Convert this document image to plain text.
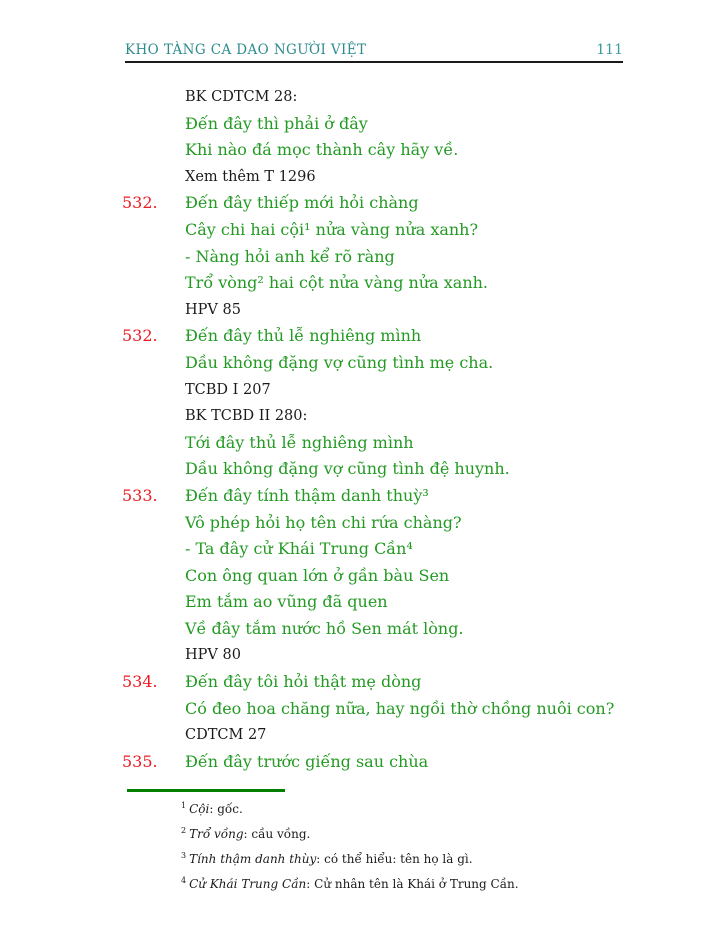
KHO TÀNG CA DAO NGƯỜI VIỆT	111
BK CDTCM 28:
Đến đây thì phải ở đây
Khi nào đá mọc thành cây hãy về.
Xem thêm T 1296
532. Đến đây thiếp mới hỏi chàng
Cây chi hai cội¹ nửa vàng nửa xanh?
- Nàng hỏi anh kể rõ ràng
Trổ vòng² hai cột nửa vàng nửa xanh.
HPV 85
532. Đến đây thủ lễ nghiêng mình
Dầu không đặng vợ cũng tình mẹ cha.
TCBD I 207
BK TCBD II 280:
Tới đây thủ lễ nghiêng mình
Dầu không đặng vợ cũng tình đệ huynh.
533. Đến đây tính thậm danh thuỳ³
Vô phép hỏi họ tên chi rứa chàng?
- Ta đây cử Khái Trung Cần⁴
Con ông quan lớn ở gần bàu Sen
Em tắm ao vũng đã quen
Về đây tắm nước hồ Sen mát lòng.
HPV 80
534. Đến đây tôi hỏi thật mẹ dòng
Có đeo hoa chăng nữa, hay ngồi thờ chồng nuôi con?
CDTCM 27
535. Đến đây trước giếng sau chùa
$^1$ Cội: gốc.
$^2$ Trổ vồng: cầu vồng.
$^3$ Tính thậm danh thùy: có thể hiểu: tên họ là gì.
$^4$ Cử Khái Trung Cần: Cử nhân tên là Khái ở Trung Cần.
